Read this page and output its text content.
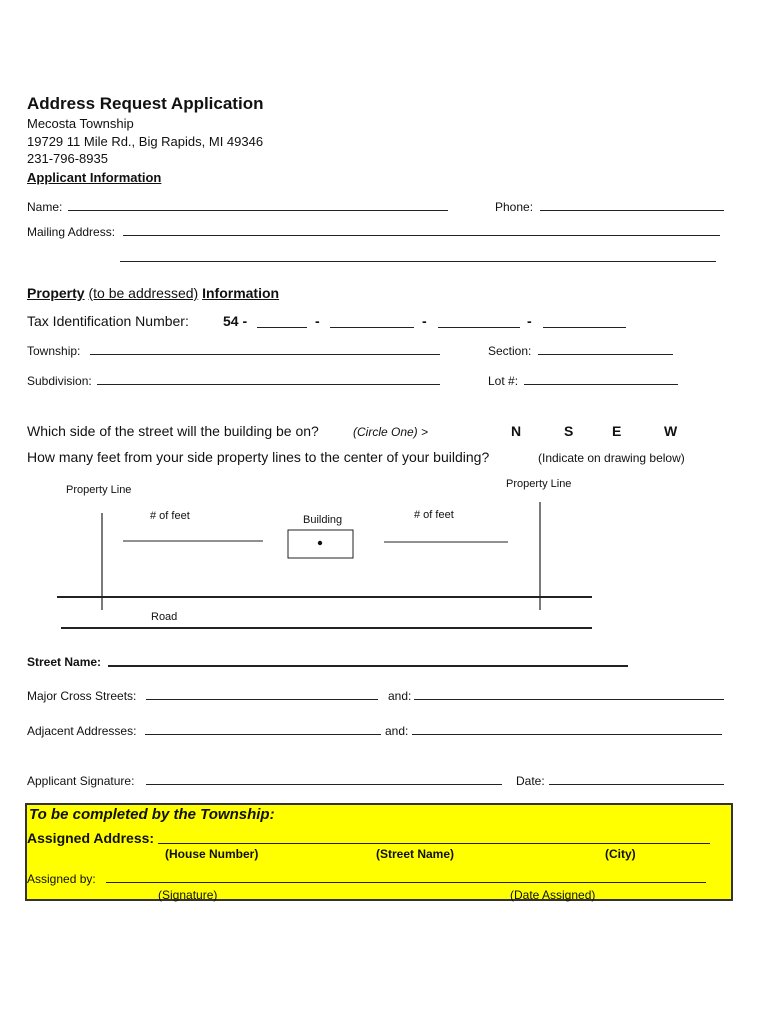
Address Request Application
Mecosta Township
19729 11 Mile Rd., Big Rapids, MI 49346
231-796-8935
Applicant Information
Name:	Phone:
Mailing Address:
Property (to be addressed) Information
Tax Identification Number: 54 -	-	-	-
Township:	Section:
Subdivision:	Lot #:
Which side of the street will the building be on?	(Circle One) >	N	S	E	W
How many feet from your side property lines to the center of your building?	(Indicate on drawing below)
Property Line	Property Line
# of feet	# of feet
Building
Road
Street Name:
Major Cross Streets:	and:
Adjacent Addresses:	and:
Applicant Signature:	Date:
To be completed by the Township:
Assigned Address:
(House Number)	(Street Name)	(City)
Assigned by:
(Signature)	(Date Assigned)
